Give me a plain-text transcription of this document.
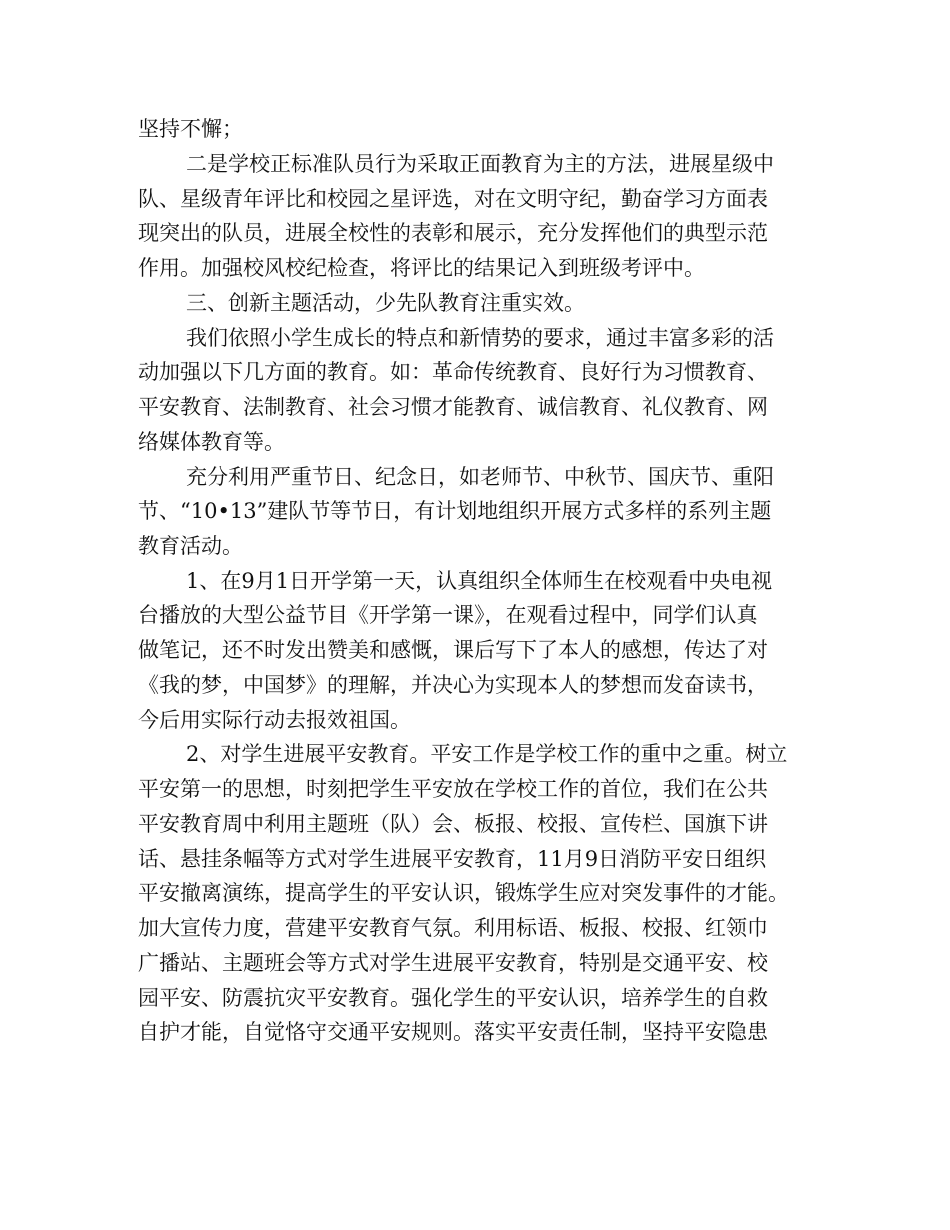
坚持不懈；
二是学校正标准队员行为采取正面教育为主的方法，进展星级中
队、星级青年评比和校园之星评选，对在文明守纪，勤奋学习方面表
现突出的队员，进展全校性的表彰和展示，充分发挥他们的典型示范
作用。加强校风校纪检查，将评比的结果记入到班级考评中。
三、创新主题活动，少先队教育注重实效。
我们依照小学生成长的特点和新情势的要求，通过丰富多彩的活
动加强以下几方面的教育。如：革命传统教育、良好行为习惯教育、
平安教育、法制教育、社会习惯才能教育、诚信教育、礼仪教育、网
络媒体教育等。
充分利用严重节日、纪念日，如老师节、中秋节、国庆节、重阳
节、“10•13”建队节等节日，有计划地组织开展方式多样的系列主题
教育活动。
1、在9月1日开学第一天，认真组织全体师生在校观看中央电视
台播放的大型公益节目《开学第一课》，在观看过程中，同学们认真
做笔记，还不时发出赞美和感慨，课后写下了本人的感想，传达了对
《我的梦，中国梦》的理解，并决心为实现本人的梦想而发奋读书，
今后用实际行动去报效祖国。
2、对学生进展平安教育。平安工作是学校工作的重中之重。树立
平安第一的思想，时刻把学生平安放在学校工作的首位，我们在公共
平安教育周中利用主题班（队）会、板报、校报、宣传栏、国旗下讲
话、悬挂条幅等方式对学生进展平安教育，11月9日消防平安日组织
平安撤离演练，提高学生的平安认识，锻炼学生应对突发事件的才能。
加大宣传力度，营建平安教育气氛。利用标语、板报、校报、红领巾
广播站、主题班会等方式对学生进展平安教育，特别是交通平安、校
园平安、防震抗灾平安教育。强化学生的平安认识，培养学生的自救
自护才能，自觉恪守交通平安规则。落实平安责任制，坚持平安隐患
